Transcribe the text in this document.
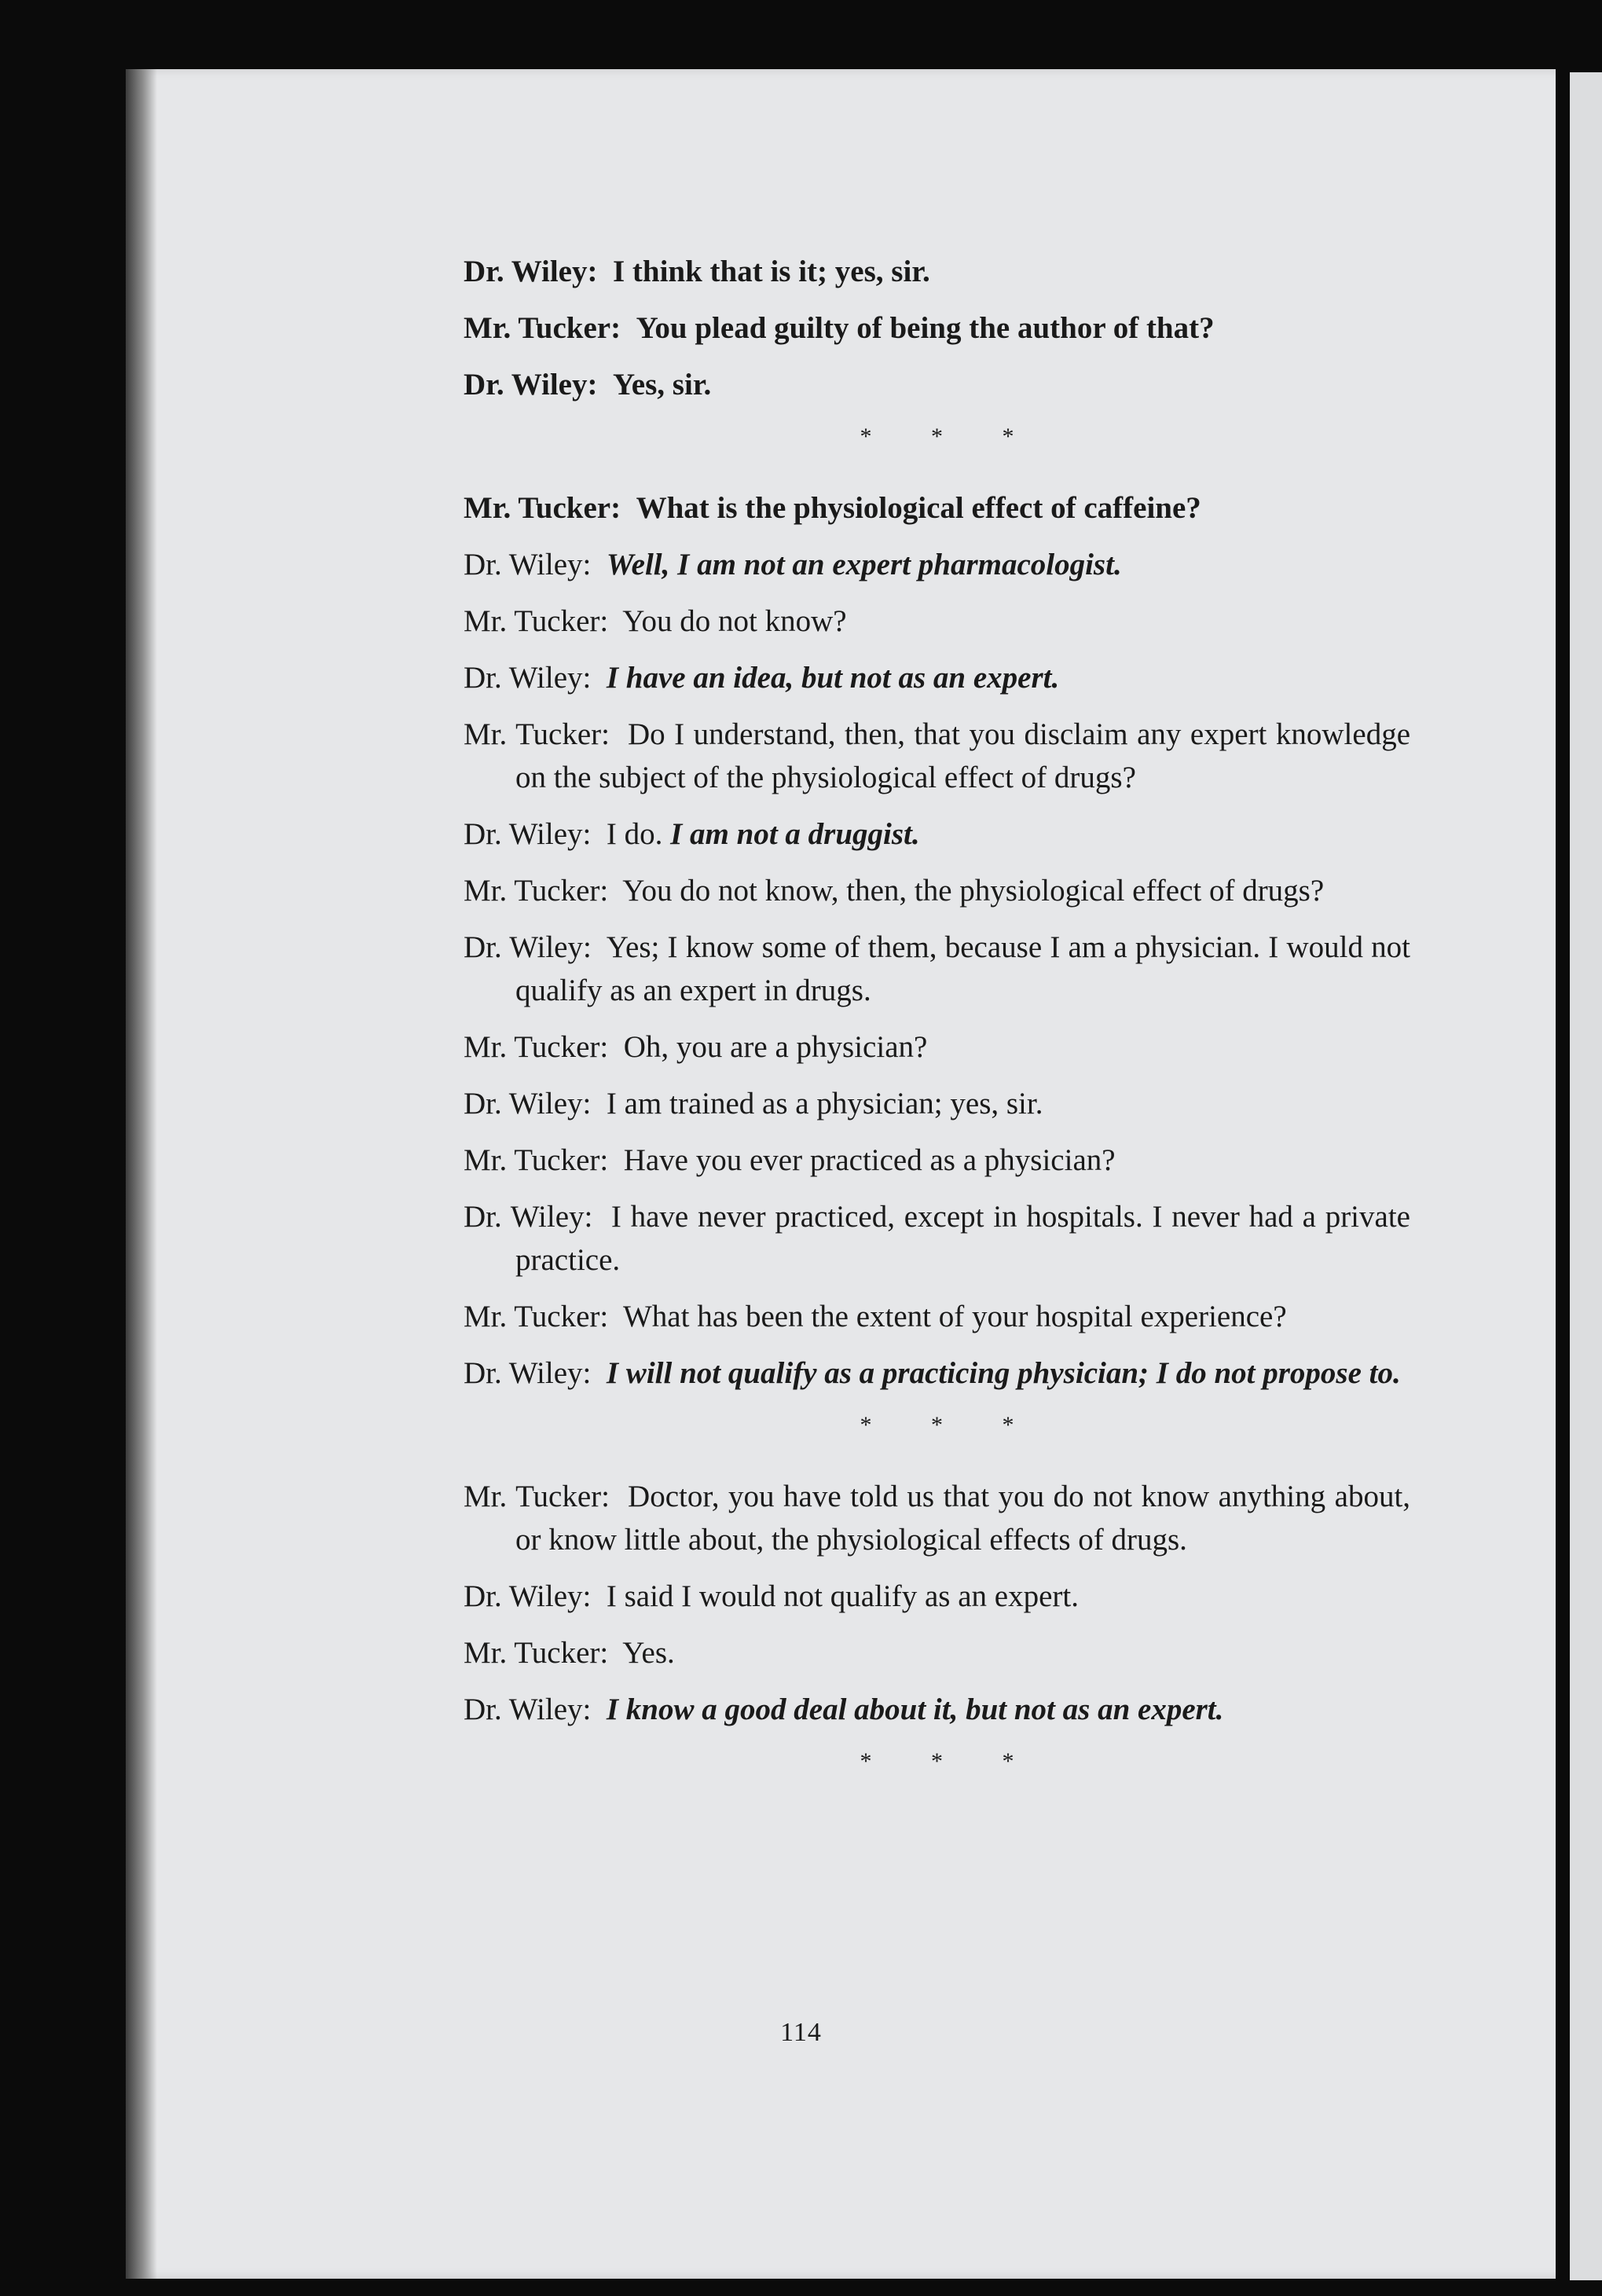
Dr. Wiley: I think that is it; yes, sir.

Mr. Tucker: You plead guilty of being the author of that?

Dr. Wiley: Yes, sir.

* * *

Mr. Tucker: What is the physiological effect of caffeine?

Dr. Wiley: Well, I am not an expert pharmacologist.

Mr. Tucker: You do not know?

Dr. Wiley: I have an idea, but not as an expert.

Mr. Tucker: Do I understand, then, that you disclaim any expert knowledge on the subject of the physiological effect of drugs?

Dr. Wiley: I do. I am not a druggist.

Mr. Tucker: You do not know, then, the physiological effect of drugs?

Dr. Wiley: Yes; I know some of them, because I am a physician. I would not qualify as an expert in drugs.

Mr. Tucker: Oh, you are a physician?

Dr. Wiley: I am trained as a physician; yes, sir.

Mr. Tucker: Have you ever practiced as a physician?

Dr. Wiley: I have never practiced, except in hospitals. I never had a private practice.

Mr. Tucker: What has been the extent of your hospital experience?

Dr. Wiley: I will not qualify as a practicing physician; I do not propose to.

* * *

Mr. Tucker: Doctor, you have told us that you do not know anything about, or know little about, the physiological effects of drugs.

Dr. Wiley: I said I would not qualify as an expert.

Mr. Tucker: Yes.

Dr. Wiley: I know a good deal about it, but not as an expert.

* * *

114
